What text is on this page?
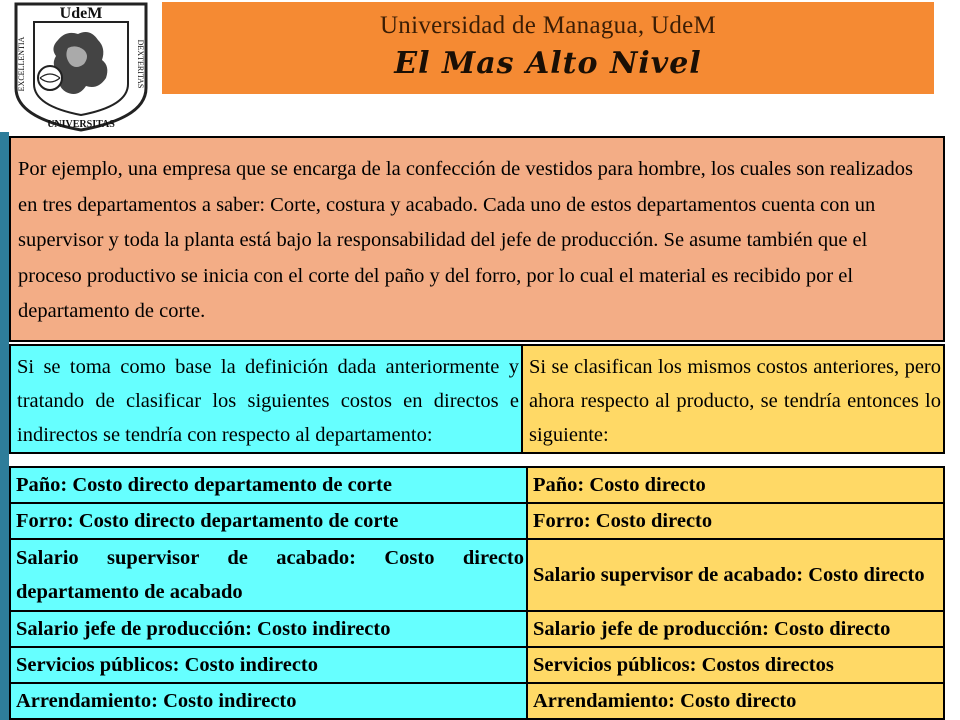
UdeM
EXCELLENTIA	DEXTERITAS
UNIVERSITAS
Universidad de Managua, UdeM
El Mas Alto Nivel
Por ejemplo, una empresa que se encarga de la confección de vestidos para hombre, los cuales son realizados en tres departamentos a saber: Corte, costura y acabado. Cada uno de estos departamentos cuenta con un supervisor y toda la planta está bajo la responsabilidad del jefe de producción. Se asume también que el proceso productivo se inicia con el corte del paño y del forro, por lo cual el material es recibido por el departamento de corte.
Si se toma como base la definición dada anteriormente y tratando de clasificar los siguientes costos en directos e indirectos se tendría con respecto al departamento:
Si se clasifican los mismos costos anteriores, pero ahora respecto al producto, se tendría entonces lo siguiente:
Paño: Costo directo departamento de corte	Paño: Costo directo
Forro: Costo directo departamento de corte	Forro: Costo directo
Salario supervisor de acabado: Costo directo departamento de acabado	Salario supervisor de acabado: Costo directo
Salario jefe de producción: Costo indirecto	Salario jefe de producción: Costo directo
Servicios públicos: Costo indirecto	Servicios públicos: Costos directos
Arrendamiento: Costo indirecto	Arrendamiento: Costo directo
